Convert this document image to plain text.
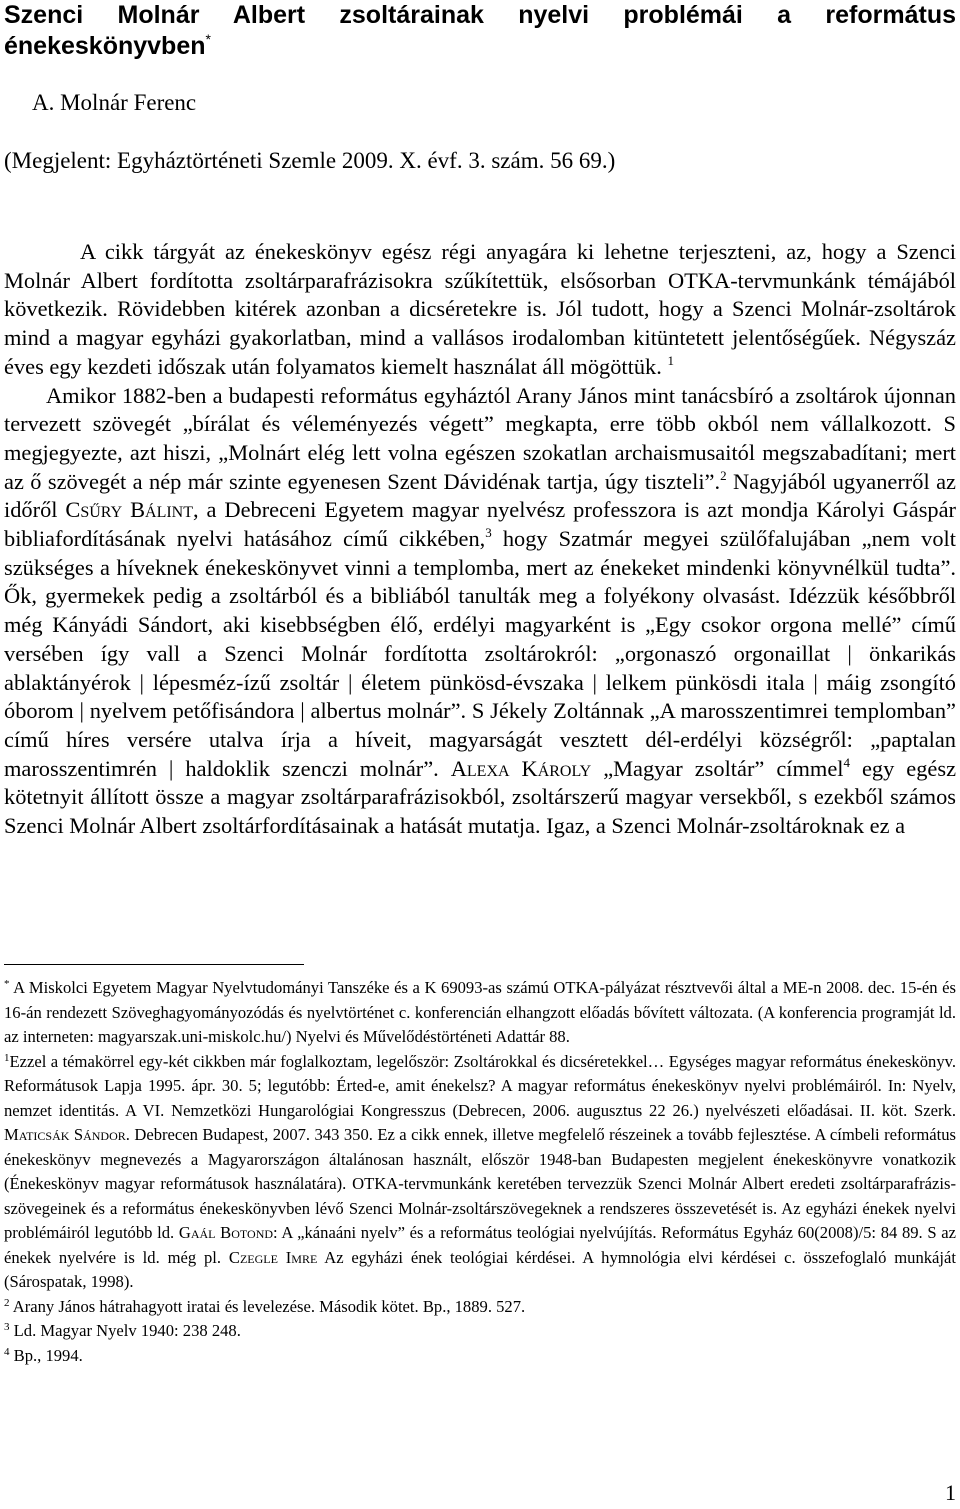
Szenci Molnár Albert zsoltárainak nyelvi problémái a református énekeskönyvben*
A. Molnár Ferenc
(Megjelent: Egyháztörténeti Szemle 2009. X. évf. 3. szám. 56 69.)

A cikk tárgyát az énekeskönyv egész régi anyagára ki lehetne terjeszteni, az, hogy a Szenci Molnár Albert fordította zsoltárparafrázisokra szűkítettük, elsősorban OTKA-tervmunkánk témájából következik. Rövidebben kitérek azonban a dicséretekre is. Jól tudott, hogy a Szenci Molnár-zsoltárok mind a magyar egyházi gyakorlatban, mind a vallásos irodalomban kitüntetett jelentőségűek. Négyszáz éves egy kezdeti időszak után folyamatos kiemelt használat áll mögöttük. $^1$

Amikor 1882-ben a budapesti református egyháztól Arany János mint tanácsbíró a zsoltárok újonnan tervezett szövegét „bírálat és véleményezés végett” megkapta, erre több okból nem vállalkozott. S megjegyezte, azt hiszi, „Molnárt elég lett volna egészen szokatlan archaismusaitól megszabadítani; mert az ő szövegét a nép már szinte egyenesen Szent Dávidénak tartja, úgy tiszteli”.$^2$ Nagyjából ugyanerről az időről Csűry Bálint, a Debreceni Egyetem magyar nyelvész professzora is azt mondja Károlyi Gáspár bibliafordításának nyelvi hatásához című cikkében,$^3$ hogy Szatmár megyei szülőfalujában „nem volt szükséges a híveknek énekeskönyvet vinni a templomba, mert az énekeket mindenki könyvnélkül tudta”. Ők, gyermekek pedig a zsoltárból és a bibliából tanulták meg a folyékony olvasást. Idézzük későbbről még Kányádi Sándort, aki kisebbségben élő, erdélyi magyarként is „Egy csokor orgona mellé” című versében így vall a Szenci Molnár fordította zsoltárokról: „orgonaszó orgonaillat | önkarikás ablaktányérok | lépesméz-ízű zsoltár | életem pünkösd-évszaka | lelkem pünkösdi itala | máig zsongító óborom | nyelvem petőfisándora | albertus molnár”. S Jékely Zoltánnak „A marosszentimrei templomban” című híres versére utalva írja a hívеit, magyarságát vesztett dél-erdélyi községről: „paptalan marosszentimrén | haldoklik szenczi molnár”. Alexa Károly „Magyar zsoltár” címmel$^4$ egy egész kötetnyit állított össze a magyar zsoltárparafrázisokból, zsoltárszerű magyar versekből, s ezekből számos Szenci Molnár Albert zsoltárfordításainak a hatását mutatja. Igaz, a Szenci Molnár-zsoltároknak ez a

* A Miskolci Egyetem Magyar Nyelvtudományi Tanszéke és a K 69093-as számú OTKA-pályázat résztvevői által a ME-n 2008. dec. 15-én és 16-án rendezett Szöveghagyományozódás és nyelvtörténet c. konferencián elhangzott előadás bővített változata. (A konferencia programját ld. az interneten: magyarszak.uni-miskolc.hu/) Nyelvi és Művelődéstörténeti Adattár 88.

$^1$Ezzel a témakörrel egy-két cikkben már foglalkoztam, legelőször: Zsoltárokkal és dicséretekkel… Egységes magyar református énekeskönyv. Reformátusok Lapja 1995. ápr. 30. 5; legutóbb: Érted-e, amit énekelsz? A magyar református énekeskönyv nyelvi problémáiról. In: Nyelv, nemzet identitás. A VI. Nemzetközi Hungarológiai Kongresszus (Debrecen, 2006. augusztus 22 26.) nyelvészeti előadásai. II. köt. Szerk. Maticsák Sándor. Debrecen Budapest, 2007. 343 350. Ez a cikk ennek, illetve megfelelő részeinek a tovább fejlesztése. A címbeli református énekeskönyv megnevezés a Magyarországon általánosan használt, először 1948-ban Budapesten megjelent énekeskönyvre vonatkozik (Énekeskönyv magyar reformátusok használatára). OTKA-tervmunkánk keretében tervezzük Szenci Molnár Albert eredeti zsoltárparafrázis-szövegeinek és a református énekeskönyvben lévő Szenci Molnár-zsoltárszövegeknek a rendszeres összevetését is. Az egyházi énekek nyelvi problémáiról legutóbb ld. Gaál Botond: A „kánaáni nyelv” és a református teológiai nyelvújítás. Református Egyház 60(2008)/5: 84 89. S az énekek nyelvére is ld. még pl. Czegle Imre Az egyházi ének teológiai kérdései. A hymnológia elvi kérdései c. összefoglaló munkáját (Sárospatak, 1998).

$^2$ Arany János hátrahagyott iratai és levelezése. Második kötet. Bp., 1889. 527.

$^3$ Ld. Magyar Nyelv 1940: 238 248.

$^4$ Bp., 1994.

1
